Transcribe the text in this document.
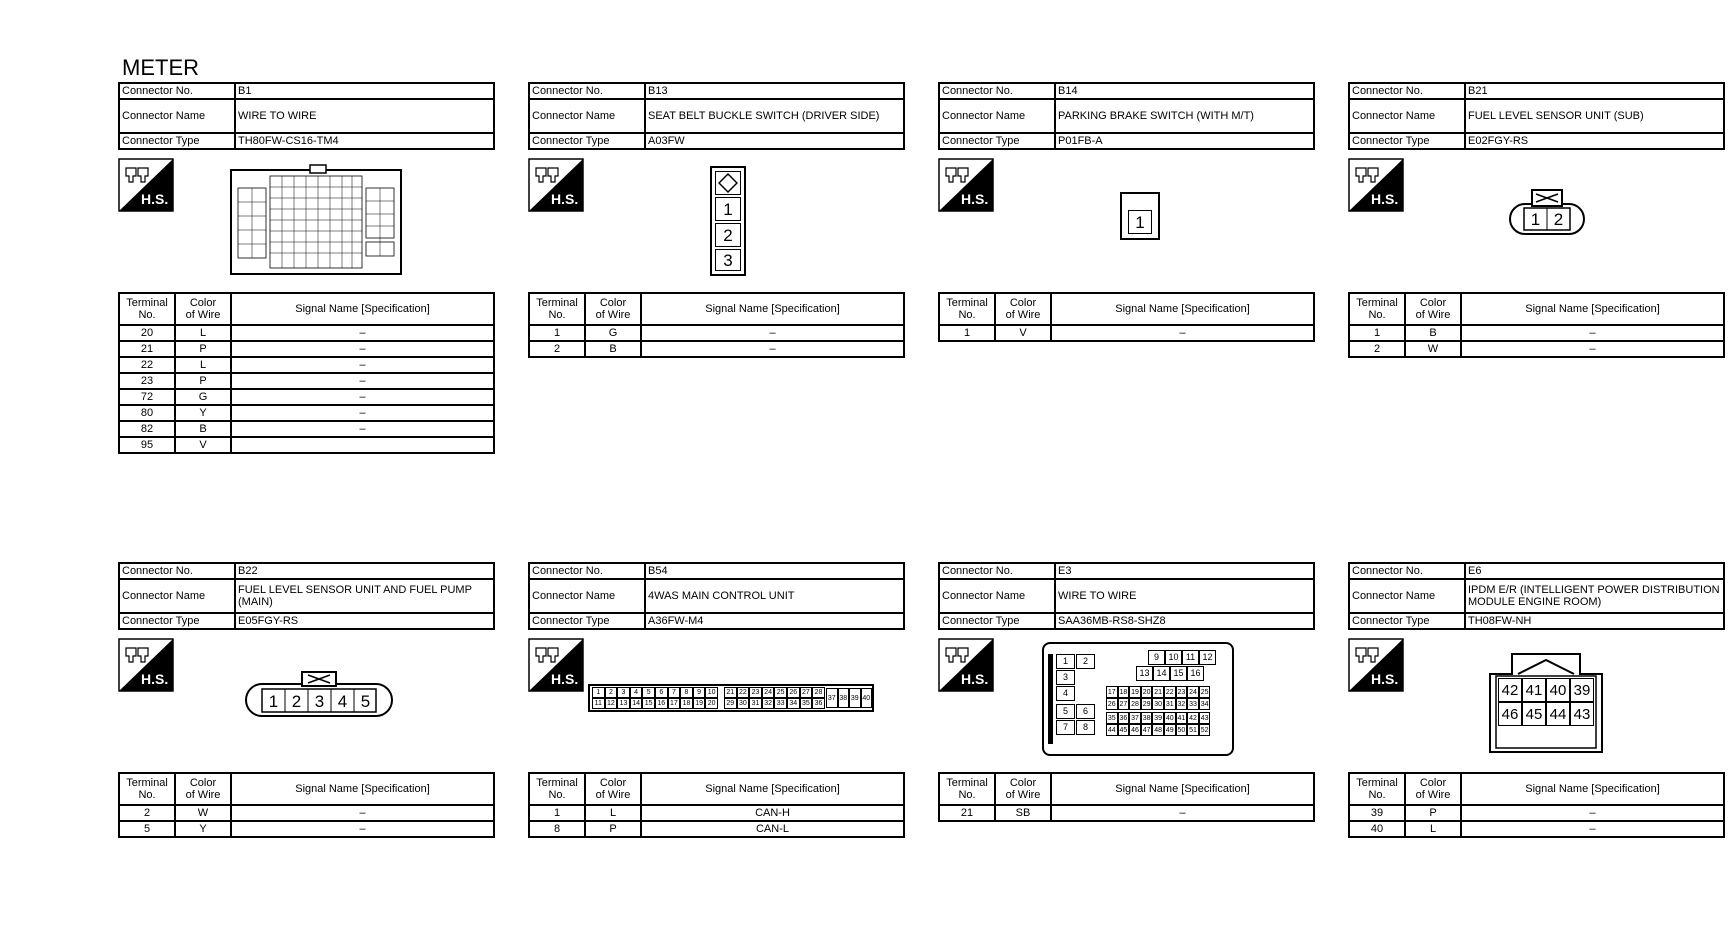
METER
Connector No.	B1
Connector Name	WIRE TO WIRE
Connector Type	TH80FW-CS16-TM4
H.S.
Terminal
No.	Color
of Wire	Signal Name [Specification]
20	L	–
21	P	–
22	L	–
23	P	–
72	G	–
80	Y	–
82	B	–
95	V	
Connector No.	B13
Connector Name	SEAT BELT BUCKLE SWITCH (DRIVER SIDE)
Connector Type	A03FW
H.S.
1
2
3
Terminal
No.	Color
of Wire	Signal Name [Specification]
1	G	–
2	B	–
Connector No.	B14
Connector Name	PARKING BRAKE SWITCH (WITH M/T)
Connector Type	P01FB-A
H.S.
1
Terminal
No.	Color
of Wire	Signal Name [Specification]
1	V	–
Connector No.	B21
Connector Name	FUEL LEVEL SENSOR UNIT (SUB)
Connector Type	E02FGY-RS
H.S.
1 2
Terminal
No.	Color
of Wire	Signal Name [Specification]
1	B	–
2	W	–
Connector No.	B22
Connector Name	FUEL LEVEL SENSOR UNIT AND FUEL PUMP (MAIN)
Connector Type	E05FGY-RS
H.S.
1 2 3 4 5
Terminal
No.	Color
of Wire	Signal Name [Specification]
2	W	–
5	Y	–
Connector No.	B54
Connector Name	4WAS MAIN CONTROL UNIT
Connector Type	A36FW-M4
H.S.
1	2	3	4	5	6	7	8	9 10	21 22 23 24 25 26 27 28
11 12 13 14 15 16 17 18 19 20	29 30 31 32 33 34 35 36
37 38 39 40
Terminal
No.	Color
of Wire	Signal Name [Specification]
1	L	CAN-H
8	P	CAN-L
Connector No.	E3
Connector Name	WIRE TO WIRE
Connector Type	SAA36MB-RS8-SHZ8
H.S.
1	2
3
4
5	6
7	8
9	10 11 12
13 14 15 16
17 18 19 20 21 22 23 24 25
26 27 28 29 30 31 32 33 34
35 36 37 38 39 40 41 42 43
44 45 46 47 48 49 50 51 52
Terminal
No.	Color
of Wire	Signal Name [Specification]
21	SB	–
Connector No.	E6
Connector Name	IPDM E/R (INTELLIGENT POWER DISTRIBUTION MODULE ENGINE ROOM)
Connector Type	TH08FW-NH
H.S.
42 41 40 39
46 45 44 43
Terminal
No.	Color
of Wire	Signal Name [Specification]
39	P	–
40	L	–
